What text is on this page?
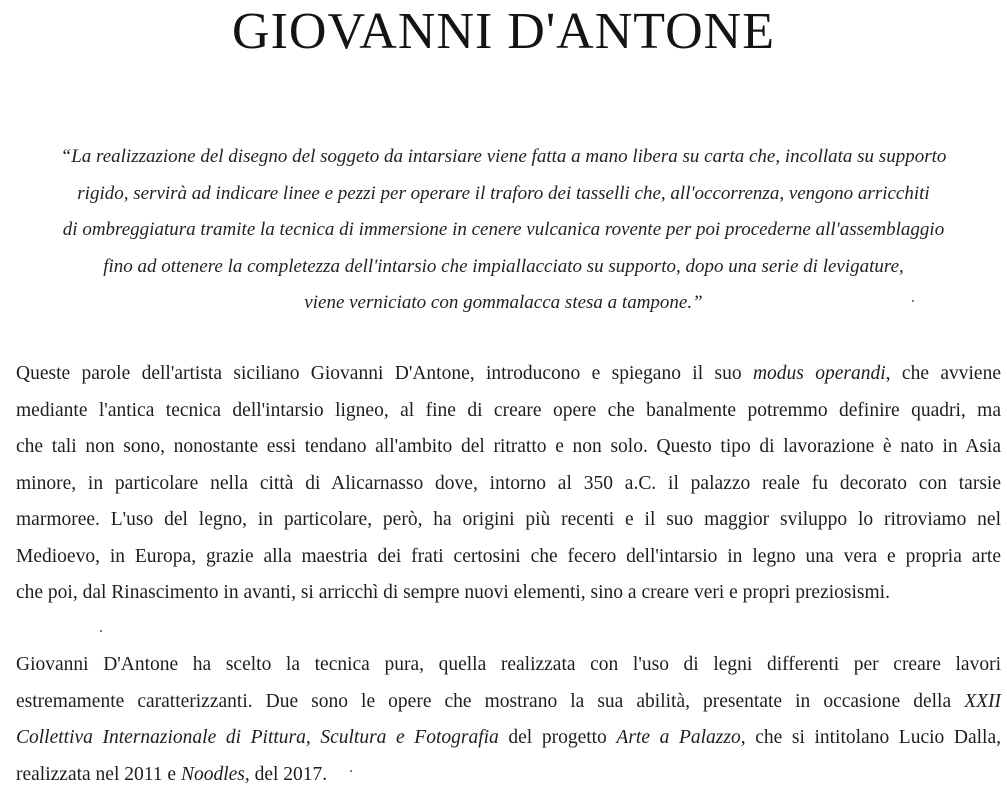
GIOVANNI D'ANTONE
“La realizzazione del disegno del soggeto da intarsiare viene fatta a mano libera su carta che, incollata su supporto
rigido, servirà ad indicare linee e pezzi per operare il traforo dei tasselli che, all'occorrenza, vengono arricchiti
di ombreggiatura tramite la tecnica di immersione in cenere vulcanica rovente per poi procederne all'assemblaggio
fino ad ottenere la completezza dell'intarsio che impiallacciato su supporto, dopo una serie di levigature,
viene verniciato con gommalacca stesa a tampone.”
Queste parole dell'artista siciliano Giovanni D'Antone, introducono e spiegano il suo modus operandi, che avviene
mediante l'antica tecnica dell'intarsio ligneo, al fine di creare opere che banalmente potremmo definire quadri, ma
che tali non sono, nonostante essi tendano all'ambito del ritratto e non solo. Questo tipo di lavorazione è nato in Asia
minore, in particolare nella città di Alicarnasso dove, intorno al 350 a.C. il palazzo reale fu decorato con tarsie
marmoree. L'uso del legno, in particolare, però, ha origini più recenti e il suo maggior sviluppo lo ritroviamo nel
Medioevo, in Europa, grazie alla maestria dei frati certosini che fecero dell'intarsio in legno una vera e propria arte
che poi, dal Rinascimento in avanti, si arricchì di sempre nuovi elementi, sino a creare veri e propri preziosismi.
Giovanni D'Antone ha scelto la tecnica pura, quella realizzata con l'uso di legni differenti per creare lavori
estremamente caratterizzanti. Due sono le opere che mostrano la sua abilità, presentate in occasione della XXII
Collettiva Internazionale di Pittura, Scultura e Fotografia del progetto Arte a Palazzo, che si intitolano Lucio Dalla,
realizzata nel 2011 e Noodles, del 2017.
